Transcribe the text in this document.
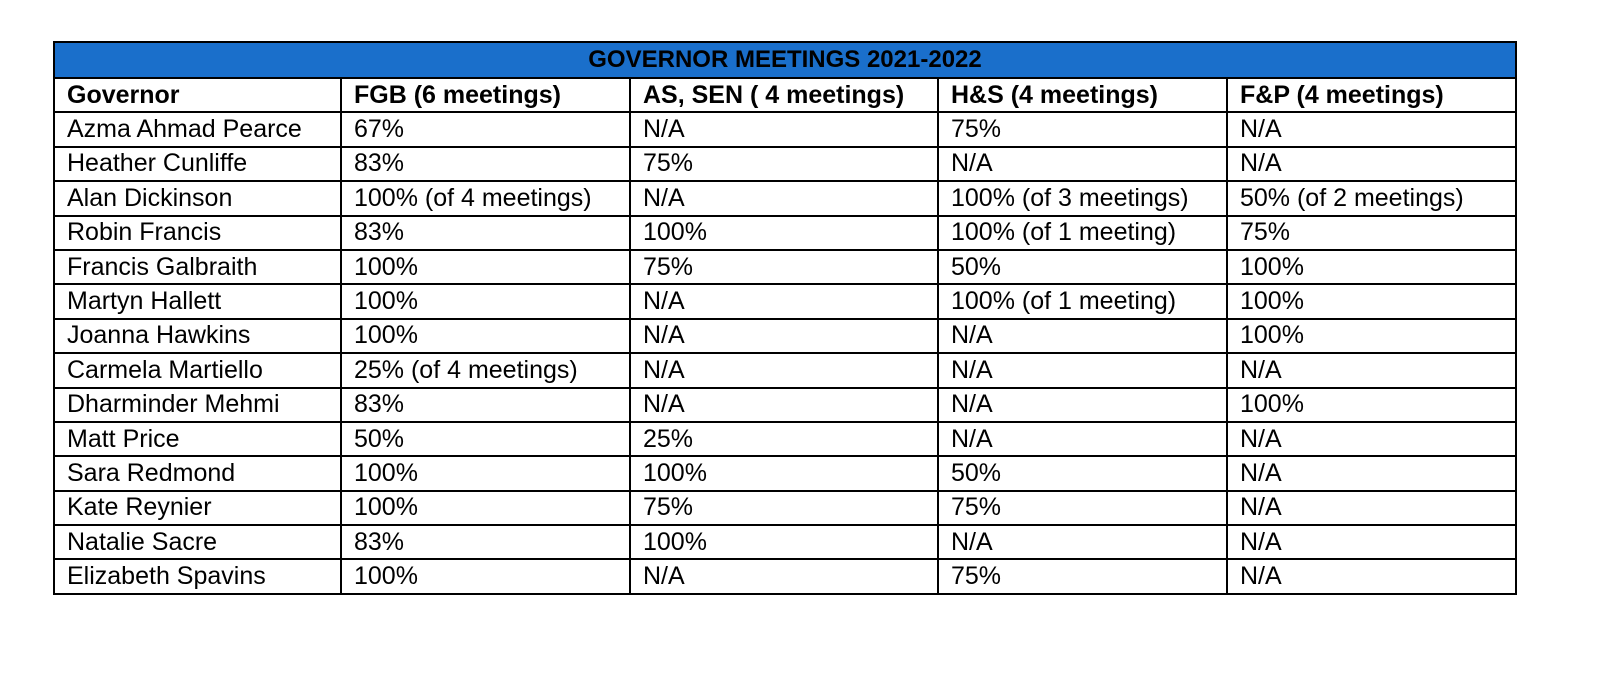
GOVERNOR MEETINGS 2021-2022				
Governor	FGB (6 meetings)	AS, SEN ( 4 meetings)	H&S (4 meetings)	F&P (4 meetings)
Azma Ahmad Pearce	67%	N/A	75%	N/A
Heather Cunliffe	83%	75%	N/A	N/A
Alan Dickinson	100% (of 4 meetings)	N/A	100% (of 3 meetings)	50% (of 2 meetings)
Robin Francis	83%	100%	100% (of 1 meeting)	75%
Francis Galbraith	100%	75%	50%	100%
Martyn Hallett	100%	N/A	100% (of 1 meeting)	100%
Joanna Hawkins	100%	N/A	N/A	100%
Carmela Martiello	25% (of 4 meetings)	N/A	N/A	N/A
Dharminder Mehmi	83%	N/A	N/A	100%
Matt Price	50%	25%	N/A	N/A
Sara Redmond	100%	100%	50%	N/A
Kate Reynier	100%	75%	75%	N/A
Natalie Sacre	83%	100%	N/A	N/A
Elizabeth Spavins	100%	N/A	75%	N/A
